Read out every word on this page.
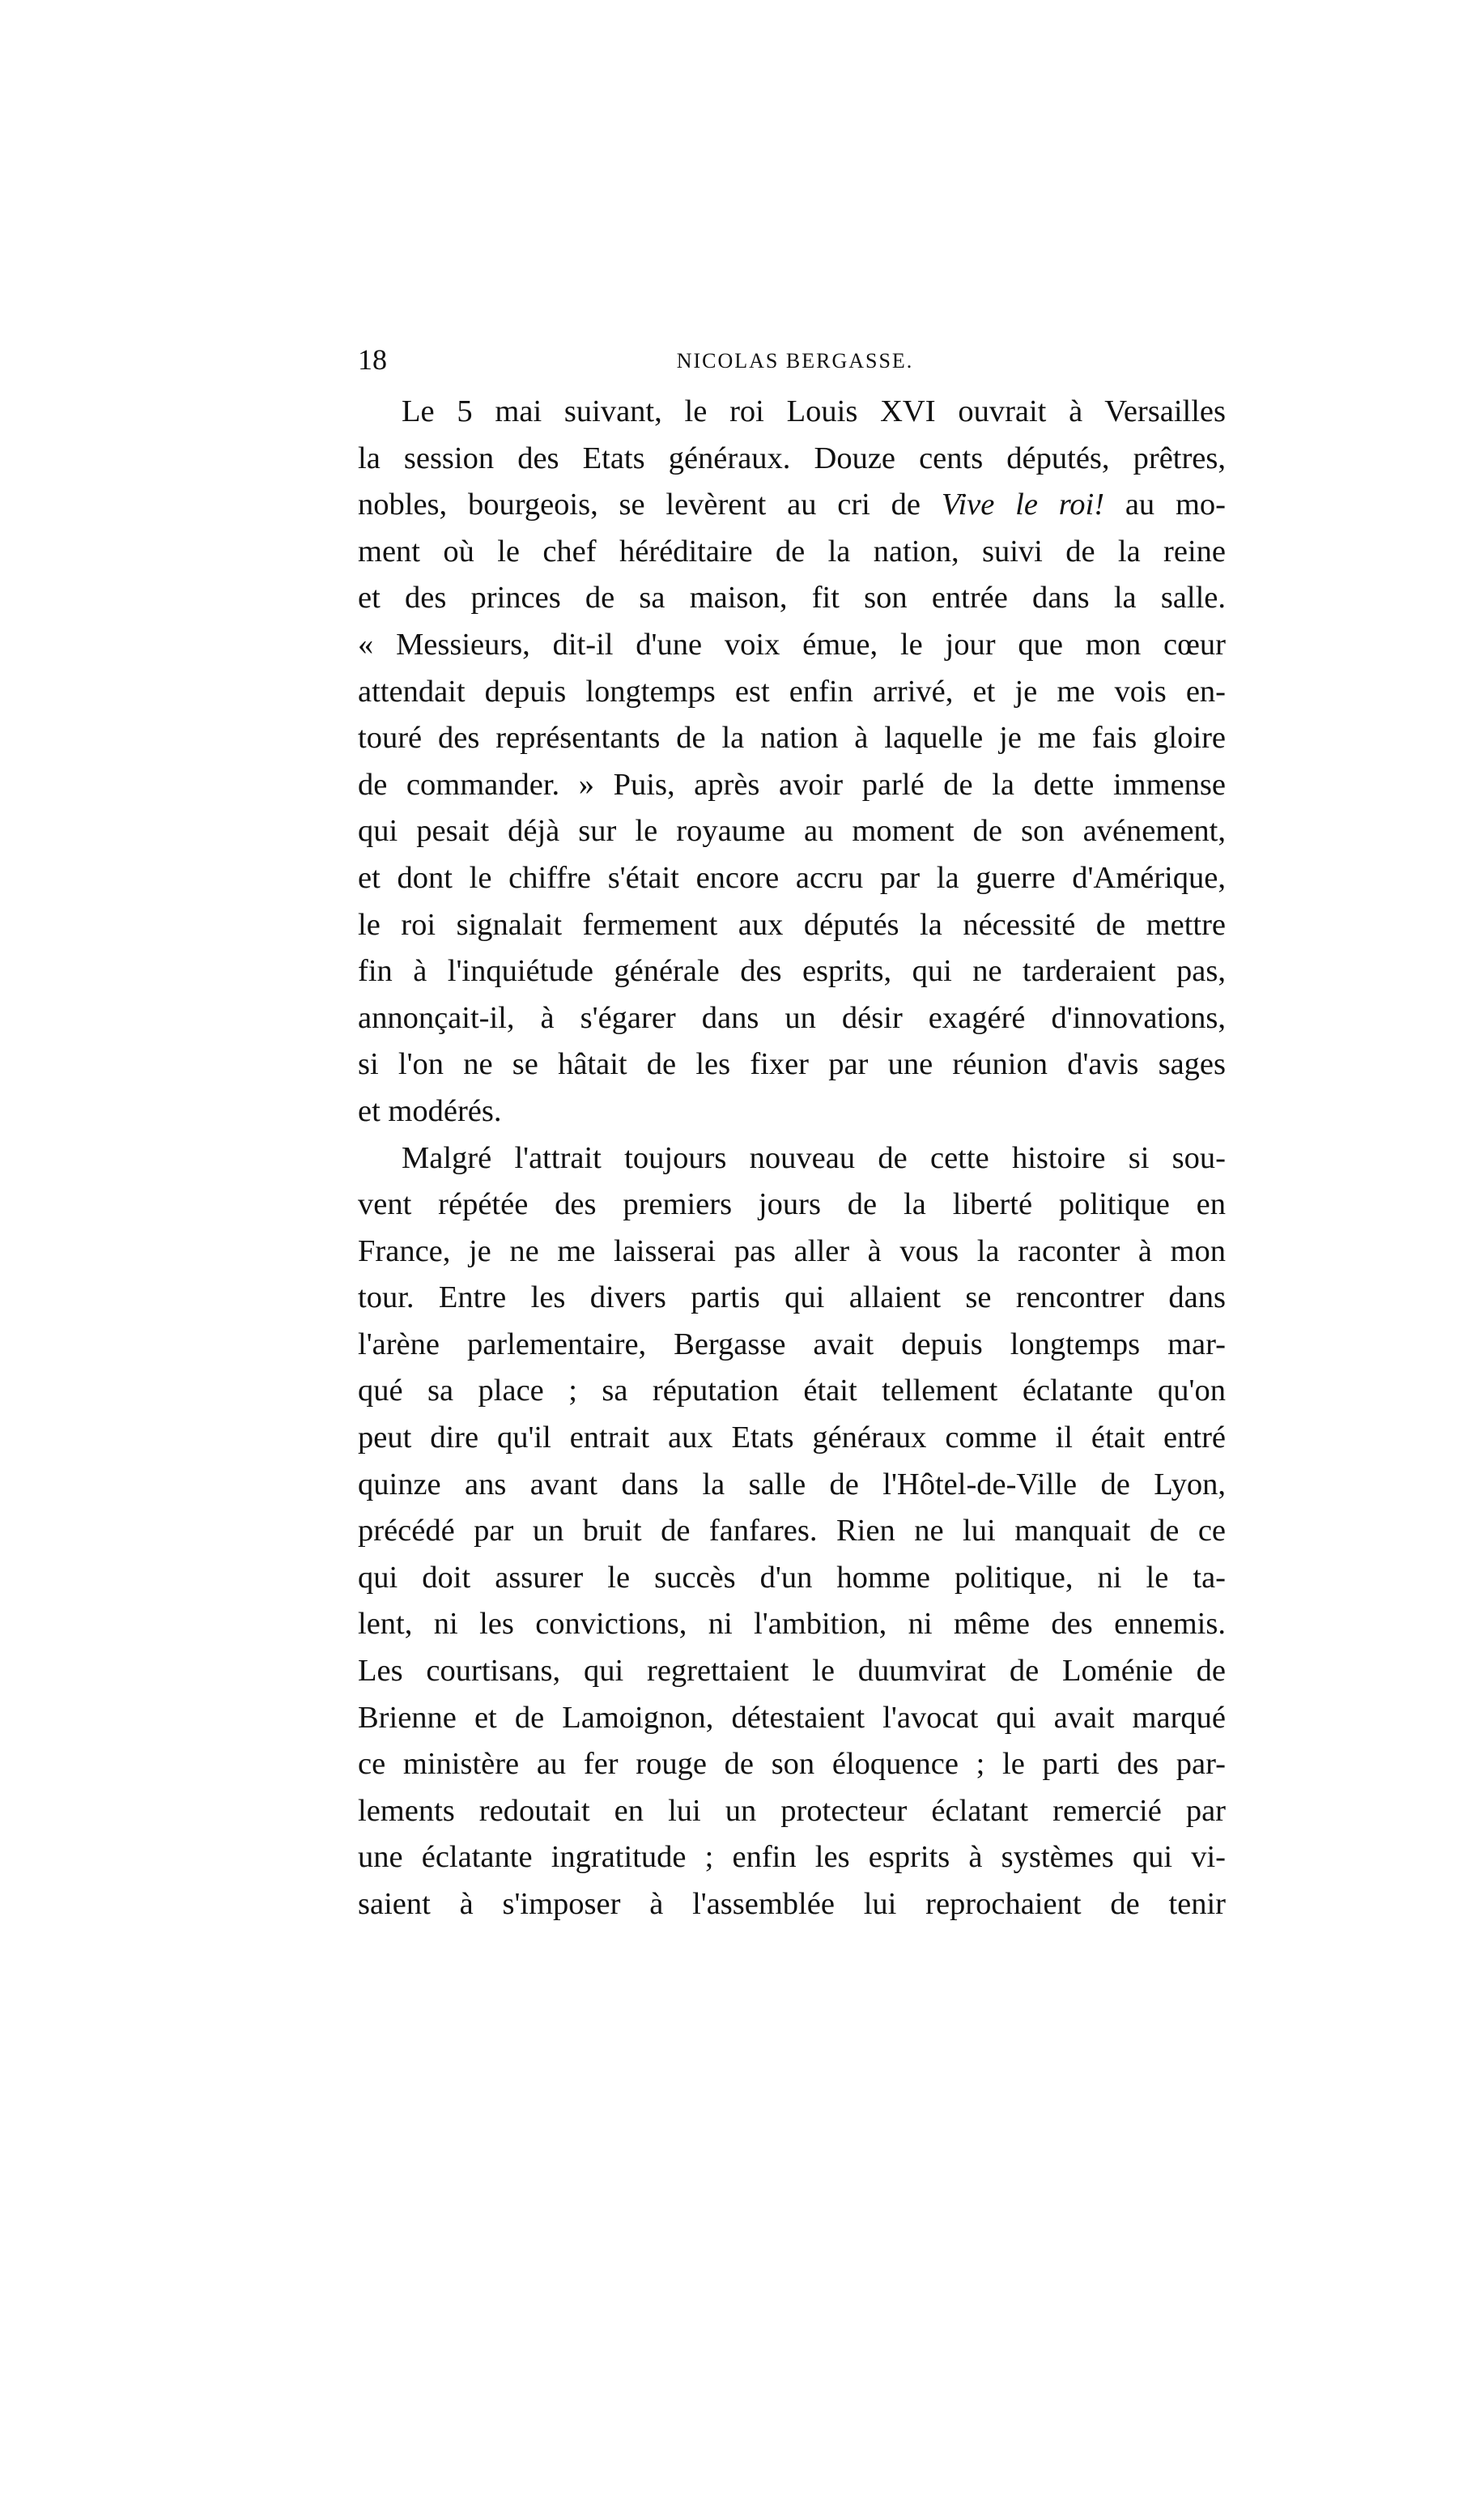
18	NICOLAS BERGASSE.
Le 5 mai suivant, le roi Louis XVI ouvrait à Versailles
la session des Etats généraux. Douze cents députés, prêtres,
nobles, bourgeois, se levèrent au cri de Vive le roi! au mo-
ment où le chef héréditaire de la nation, suivi de la reine
et des princes de sa maison, fit son entrée dans la salle.
« Messieurs, dit-il d'une voix émue, le jour que mon cœur
attendait depuis longtemps est enfin arrivé, et je me vois en-
touré des représentants de la nation à laquelle je me fais gloire
de commander. » Puis, après avoir parlé de la dette immense
qui pesait déjà sur le royaume au moment de son avénement,
et dont le chiffre s'était encore accru par la guerre d'Amérique,
le roi signalait fermement aux députés la nécessité de mettre
fin à l'inquiétude générale des esprits, qui ne tarderaient pas,
annonçait-il, à s'égarer dans un désir exagéré d'innovations,
si l'on ne se hâtait de les fixer par une réunion d'avis sages
et modérés.
Malgré l'attrait toujours nouveau de cette histoire si sou-
vent répétée des premiers jours de la liberté politique en
France, je ne me laisserai pas aller à vous la raconter à mon
tour. Entre les divers partis qui allaient se rencontrer dans
l'arène parlementaire, Bergasse avait depuis longtemps mar-
qué sa place ; sa réputation était tellement éclatante qu'on
peut dire qu'il entrait aux Etats généraux comme il était entré
quinze ans avant dans la salle de l'Hôtel-de-Ville de Lyon,
précédé par un bruit de fanfares. Rien ne lui manquait de ce
qui doit assurer le succès d'un homme politique, ni le ta-
lent, ni les convictions, ni l'ambition, ni même des ennemis.
Les courtisans, qui regrettaient le duumvirat de Loménie de
Brienne et de Lamoignon, détestaient l'avocat qui avait marqué
ce ministère au fer rouge de son éloquence ; le parti des par-
lements redoutait en lui un protecteur éclatant remercié par
une éclatante ingratitude ; enfin les esprits à systèmes qui vi-
saient à s'imposer à l'assemblée lui reprochaient de tenir
